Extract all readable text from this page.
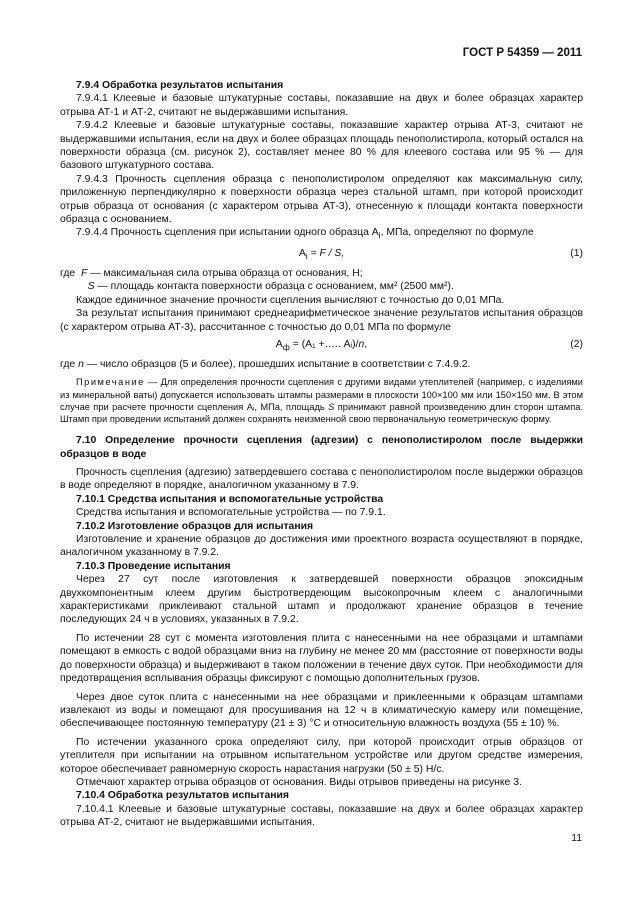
ГОСТ Р 54359 — 2011

7.9.4 Обработка результатов испытания

7.9.4.1 Клеевые и базовые штукатурные составы, показавшие на двух и более образцах характер отрыва АТ-1 и АТ-2, считают не выдержавшими испытания.

7.9.4.2 Клеевые и базовые штукатурные составы, показавшие характер отрыва АТ-3, считают не выдержавшими испытания, если на двух и более образцах площадь пенополистирола, который остался на поверхности образца (см. рисунок 2), составляет менее 80 % для клеевого состава или 95 % — для базового штукатурного состава.

7.9.4.3 Прочность сцепления образца с пенополистиролом определяют как максимальную силу, приложенную перпендикулярно к поверхности образца через стальной штамп, при которой происходит отрыв образца от основания (с характером отрыва АТ-3), отнесенную к площади контакта поверхности образца с основанием.

7.9.4.4 Прочность сцепления при испытании одного образца $А_i$, МПа, определяют по формуле

$А_i = F / S$,	(1)

где F — максимальная сила отрыва образца от основания, Н;

S — площадь контакта поверхности образца с основанием, мм² (2500 мм²).

Каждое единичное значение прочности сцепления вычисляют с точностью до 0,01 МПа.

За результат испытания принимают среднеарифметическое значение результатов испытания образцов (с характером отрыва АТ-3), рассчитанное с точностью до 0,01 МПа по формуле

$А_ф = (А_1$ +….. Аᵢ)/n,	(2)

где n — число образцов (5 и более), прошедших испытание в соответствии с 7.4.9.2.

Примечание — Для определения прочности сцепления с другими видами утеплителей (например, с изделиями из минеральной ваты) допускается использовать штампы размерами в плоскости 100×100 мм или 150×150 мм. В этом случае при расчете прочности сцепления Аᵢ, МПа, площадь S принимают равной произведению длин сторон штампа. Штамп при проведении испытаний должен сохранять неизменной свою первоначальную геометрическую форму.

7.10 Определение прочности сцепления (адгезии) с пенополистиролом после выдержки образцов в воде

Прочность сцепления (адгезию) затвердевшего состава с пенополистиролом после выдержки образцов в воде определяют в порядке, аналогичном указанному в 7.9.

7.10.1 Средства испытания и вспомогательные устройства

Средства испытания и вспомогательные устройства — по 7.9.1.

7.10.2 Изготовление образцов для испытания

Изготовление и хранение образцов до достижения ими проектного возраста осуществляют в порядке, аналогичном указанному в 7.9.2.

7.10.3 Проведение испытания

Через 27 сут после изготовления к затвердевшей поверхности образцов эпоксидным двухкомпонентным клеем другим быстротвердеющим высокопрочным клеем с аналогичными характеристиками приклеивают стальной штамп и продолжают хранение образцов в течение последующих 24 ч в условиях, указанных в 7.9.2.

По истечении 28 сут с момента изготовления плита с нанесенными на нее образцами и штампами помещают в емкость с водой образцами вниз на глубину не менее 20 мм (расстояние от поверхности воды до поверхности образца) и выдерживают в таком положении в течение двух суток. При необходимости для предотвращения всплывания образцы фиксируют с помощью дополнительных грузов.

Через двое суток плита с нанесенными на нее образцами и приклеенными к образцам штампами извлекают из воды и помещают для просушивания на 12 ч в климатическую камеру или помещение, обеспечивающее постоянную температуру (21 ± 3) °С и относительную влажность воздуха (55 ± 10) %.

По истечении указанного срока определяют силу, при которой происходит отрыв образцов от утеплителя при испытании на отрывном испытательном устройстве или другом средстве измерения, которое обеспечивает равномерную скорость нарастания нагрузки (50 ± 5) Н/с.

Отмечают характер отрыва образцов от основания. Виды отрывов приведены на рисунке 3.

7.10.4 Обработка результатов испытания

7.10.4.1 Клеевые и базовые штукатурные составы, показавшие на двух и более образцах характер отрыва АТ-2, считают не выдержавшими испытания.

11
